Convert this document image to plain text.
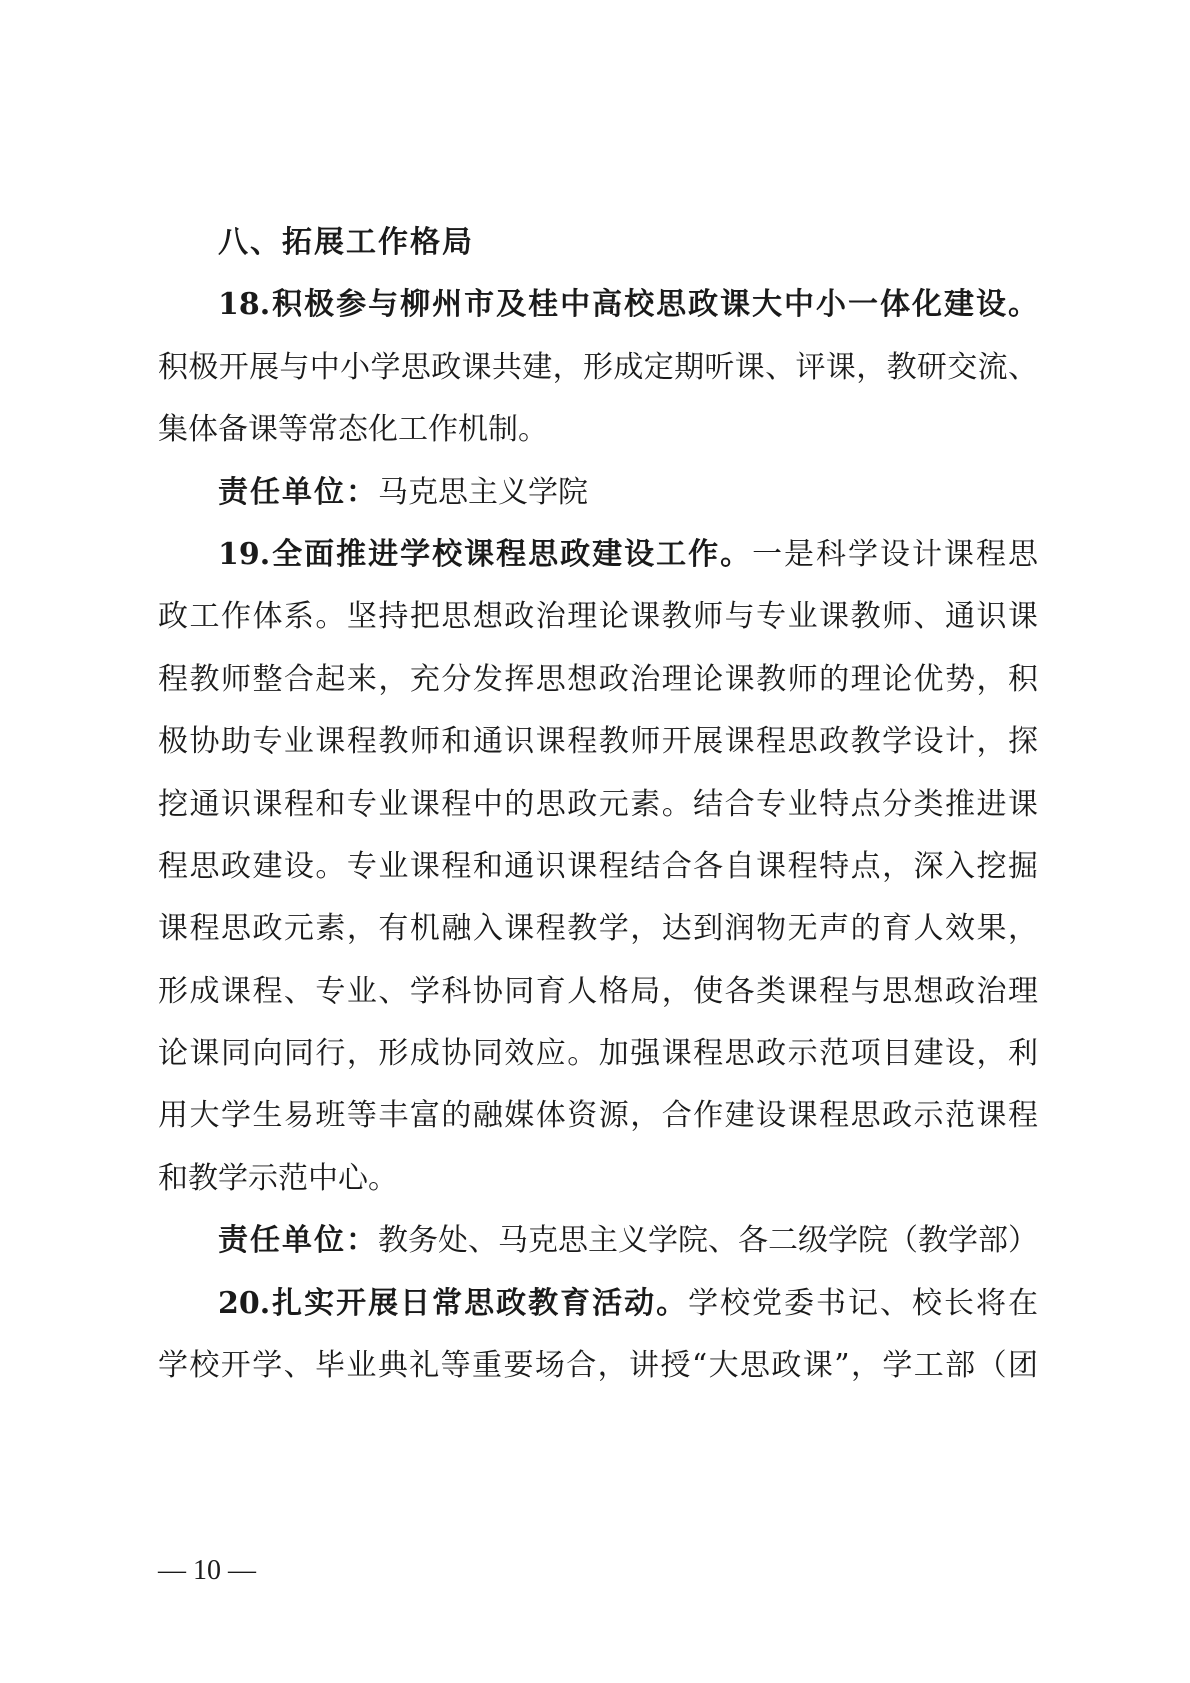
八、拓展工作格局
18.积极参与柳州市及桂中高校思政课大中小一体化建设。
积极开展与中小学思政课共建，形成定期听课、评课，教研交流、
集体备课等常态化工作机制。
责任单位：马克思主义学院
19.全面推进学校课程思政建设工作。一是科学设计课程思
政工作体系。坚持把思想政治理论课教师与专业课教师、通识课
程教师整合起来，充分发挥思想政治理论课教师的理论优势，积
极协助专业课程教师和通识课程教师开展课程思政教学设计，探
挖通识课程和专业课程中的思政元素。结合专业特点分类推进课
程思政建设。专业课程和通识课程结合各自课程特点，深入挖掘
课程思政元素，有机融入课程教学，达到润物无声的育人效果，
形成课程、专业、学科协同育人格局，使各类课程与思想政治理
论课同向同行，形成协同效应。加强课程思政示范项目建设，利
用大学生易班等丰富的融媒体资源，合作建设课程思政示范课程
和教学示范中心。
责任单位：教务处、马克思主义学院、各二级学院（教学部）
20.扎实开展日常思政教育活动。学校党委书记、校长将在
学校开学、毕业典礼等重要场合，讲授“大思政课”，学工部（团
— 10 —
